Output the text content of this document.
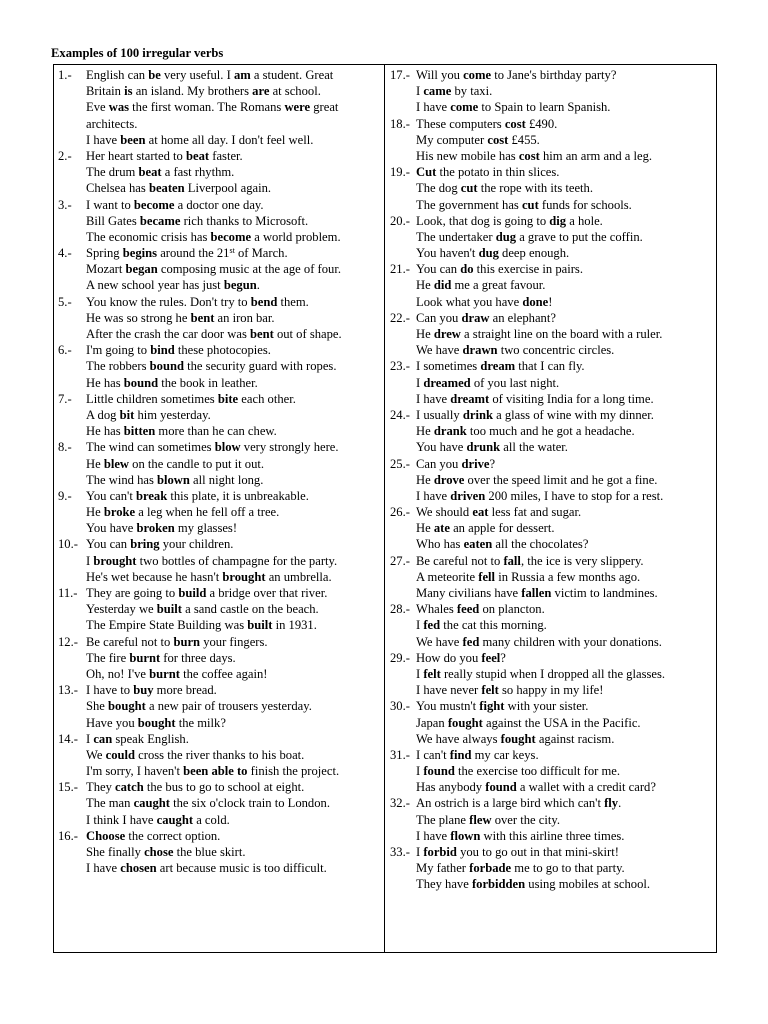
Examples of 100 irregular verbs
1.-	English can be very useful. I am a student. Great
Britain is an island. My brothers are at school.
Eve was the first woman. The Romans were great
architects.
I have been at home all day. I don't feel well.
2.-	Her heart started to beat faster.
The drum beat a fast rhythm.
Chelsea has beaten Liverpool again.
3.-	I want to become a doctor one day.
Bill Gates became rich thanks to Microsoft.
The economic crisis has become a world problem.
4.-	Spring begins around the 21st of March.
Mozart began composing music at the age of four.
A new school year has just begun.
5.-	You know the rules. Don't try to bend them.
He was so strong he bent an iron bar.
After the crash the car door was bent out of shape.
6.-	I'm going to bind these photocopies.
The robbers bound the security guard with ropes.
He has bound the book in leather.
7.-	Little children sometimes bite each other.
A dog bit him yesterday.
He has bitten more than he can chew.
8.-	The wind can sometimes blow very strongly here.
He blew on the candle to put it out.
The wind has blown all night long.
9.-	You can't break this plate, it is unbreakable.
He broke a leg when he fell off a tree.
You have broken my glasses!
10.- You can bring your children.
I brought two bottles of champagne for the party.
He's wet because he hasn't brought an umbrella.
11.- They are going to build a bridge over that river.
Yesterday we built a sand castle on the beach.
The Empire State Building was built in 1931.
12.- Be careful not to burn your fingers.
The fire burnt for three days.
Oh, no! I've burnt the coffee again!
13.- I have to buy more bread.
She bought a new pair of trousers yesterday.
Have you bought the milk?
14.- I can speak English.
We could cross the river thanks to his boat.
I'm sorry, I haven't been able to finish the project.
15.- They catch the bus to go to school at eight.
The man caught the six o'clock train to London.
I think I have caught a cold.
16.- Choose the correct option.
She finally chose the blue skirt.
I have chosen art because music is too difficult.
17.- Will you come to Jane's birthday party?
I came by taxi.
I have come to Spain to learn Spanish.
18.- These computers cost £490.
My computer cost £455.
His new mobile has cost him an arm and a leg.
19.- Cut the potato in thin slices.
The dog cut the rope with its teeth.
The government has cut funds for schools.
20.- Look, that dog is going to dig a hole.
The undertaker dug a grave to put the coffin.
You haven't dug deep enough.
21.- You can do this exercise in pairs.
He did me a great favour.
Look what you have done!
22.- Can you draw an elephant?
He drew a straight line on the board with a ruler.
We have drawn two concentric circles.
23.- I sometimes dream that I can fly.
I dreamed of you last night.
I have dreamt of visiting India for a long time.
24.- I usually drink a glass of wine with my dinner.
He drank too much and he got a headache.
You have drunk all the water.
25.- Can you drive?
He drove over the speed limit and he got a fine.
I have driven 200 miles, I have to stop for a rest.
26.- We should eat less fat and sugar.
He ate an apple for dessert.
Who has eaten all the chocolates?
27.- Be careful not to fall, the ice is very slippery.
A meteorite fell in Russia a few months ago.
Many civilians have fallen victim to landmines.
28.- Whales feed on plancton.
I fed the cat this morning.
We have fed many children with your donations.
29.- How do you feel?
I felt really stupid when I dropped all the glasses.
I have never felt so happy in my life!
30.- You mustn't fight with your sister.
Japan fought against the USA in the Pacific.
We have always fought against racism.
31.- I can't find my car keys.
I found the exercise too difficult for me.
Has anybody found a wallet with a credit card?
32.- An ostrich is a large bird which can't fly.
The plane flew over the city.
I have flown with this airline three times.
33.- I forbid you to go out in that mini-skirt!
My father forbade me to go to that party.
They have forbidden using mobiles at school.
